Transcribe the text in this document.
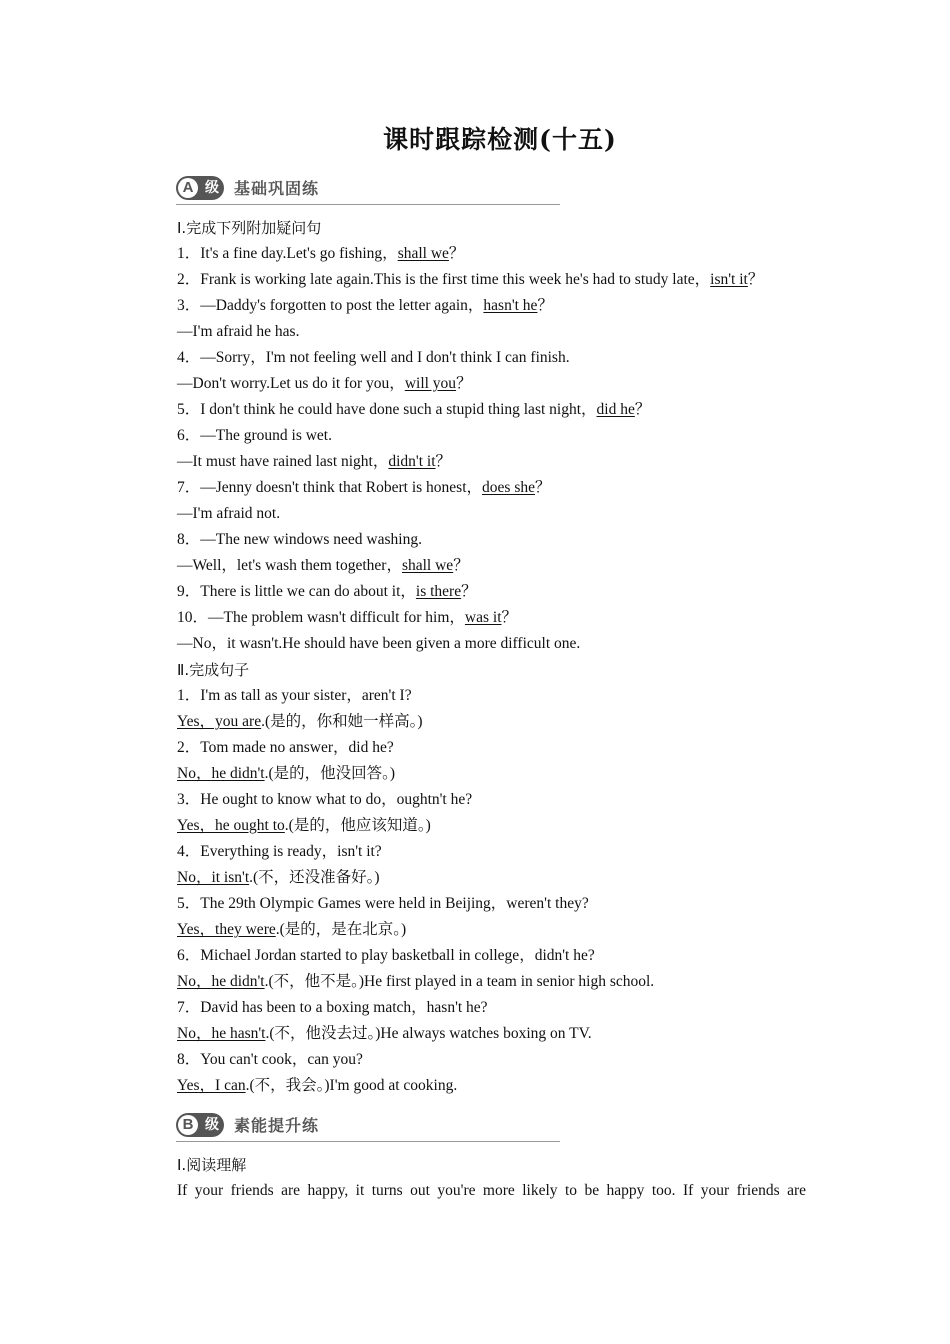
课时跟踪检测(十五)
A 级 基础巩固练
Ⅰ.完成下列附加疑问句
1．It's a fine day.Let's go fishing，shall we？
2．Frank is working late again.This is the first time this week he's had to study late，isn't it？
3．—Daddy's forgotten to post the letter again，hasn't he？
—I'm afraid he has.
4．—Sorry，I'm not feeling well and I don't think I can finish.
—Don't worry.Let us do it for you，will you？
5．I don't think he could have done such a stupid thing last night，did he？
6．—The ground is wet.
—It must have rained last night，didn't it？
7．—Jenny doesn't think that Robert is honest，does she？
—I'm afraid not.
8．—The new windows need washing.
—Well，let's wash them together，shall we？
9．There is little we can do about it，is there？
10．—The problem wasn't difficult for him，was it？
—No，it wasn't.He should have been given a more difficult one.
Ⅱ.完成句子
1．I'm as tall as your sister，aren't I?
Yes，you are.(是的，你和她一样高。)
2．Tom made no answer，did he?
No，he didn't.(是的，他没回答。)
3．He ought to know what to do，oughtn't he?
Yes，he ought to.(是的，他应该知道。)
4．Everything is ready，isn't it?
No，it isn't.(不，还没准备好。)
5．The 29th Olympic Games were held in Beijing，weren't they?
Yes，they were.(是的，是在北京。)
6．Michael Jordan started to play basketball in college，didn't he?
No，he didn't.(不，他不是。)He first played in a team in senior high school.
7．David has been to a boxing match，hasn't he?
No，he hasn't.(不，他没去过。)He always watches boxing on TV.
8．You can't cook，can you?
Yes，I can.(不，我会。)I'm good at cooking.
B 级 素能提升练
Ⅰ.阅读理解
If your friends are happy, it turns out you're more likely to be happy too. If your friends are
